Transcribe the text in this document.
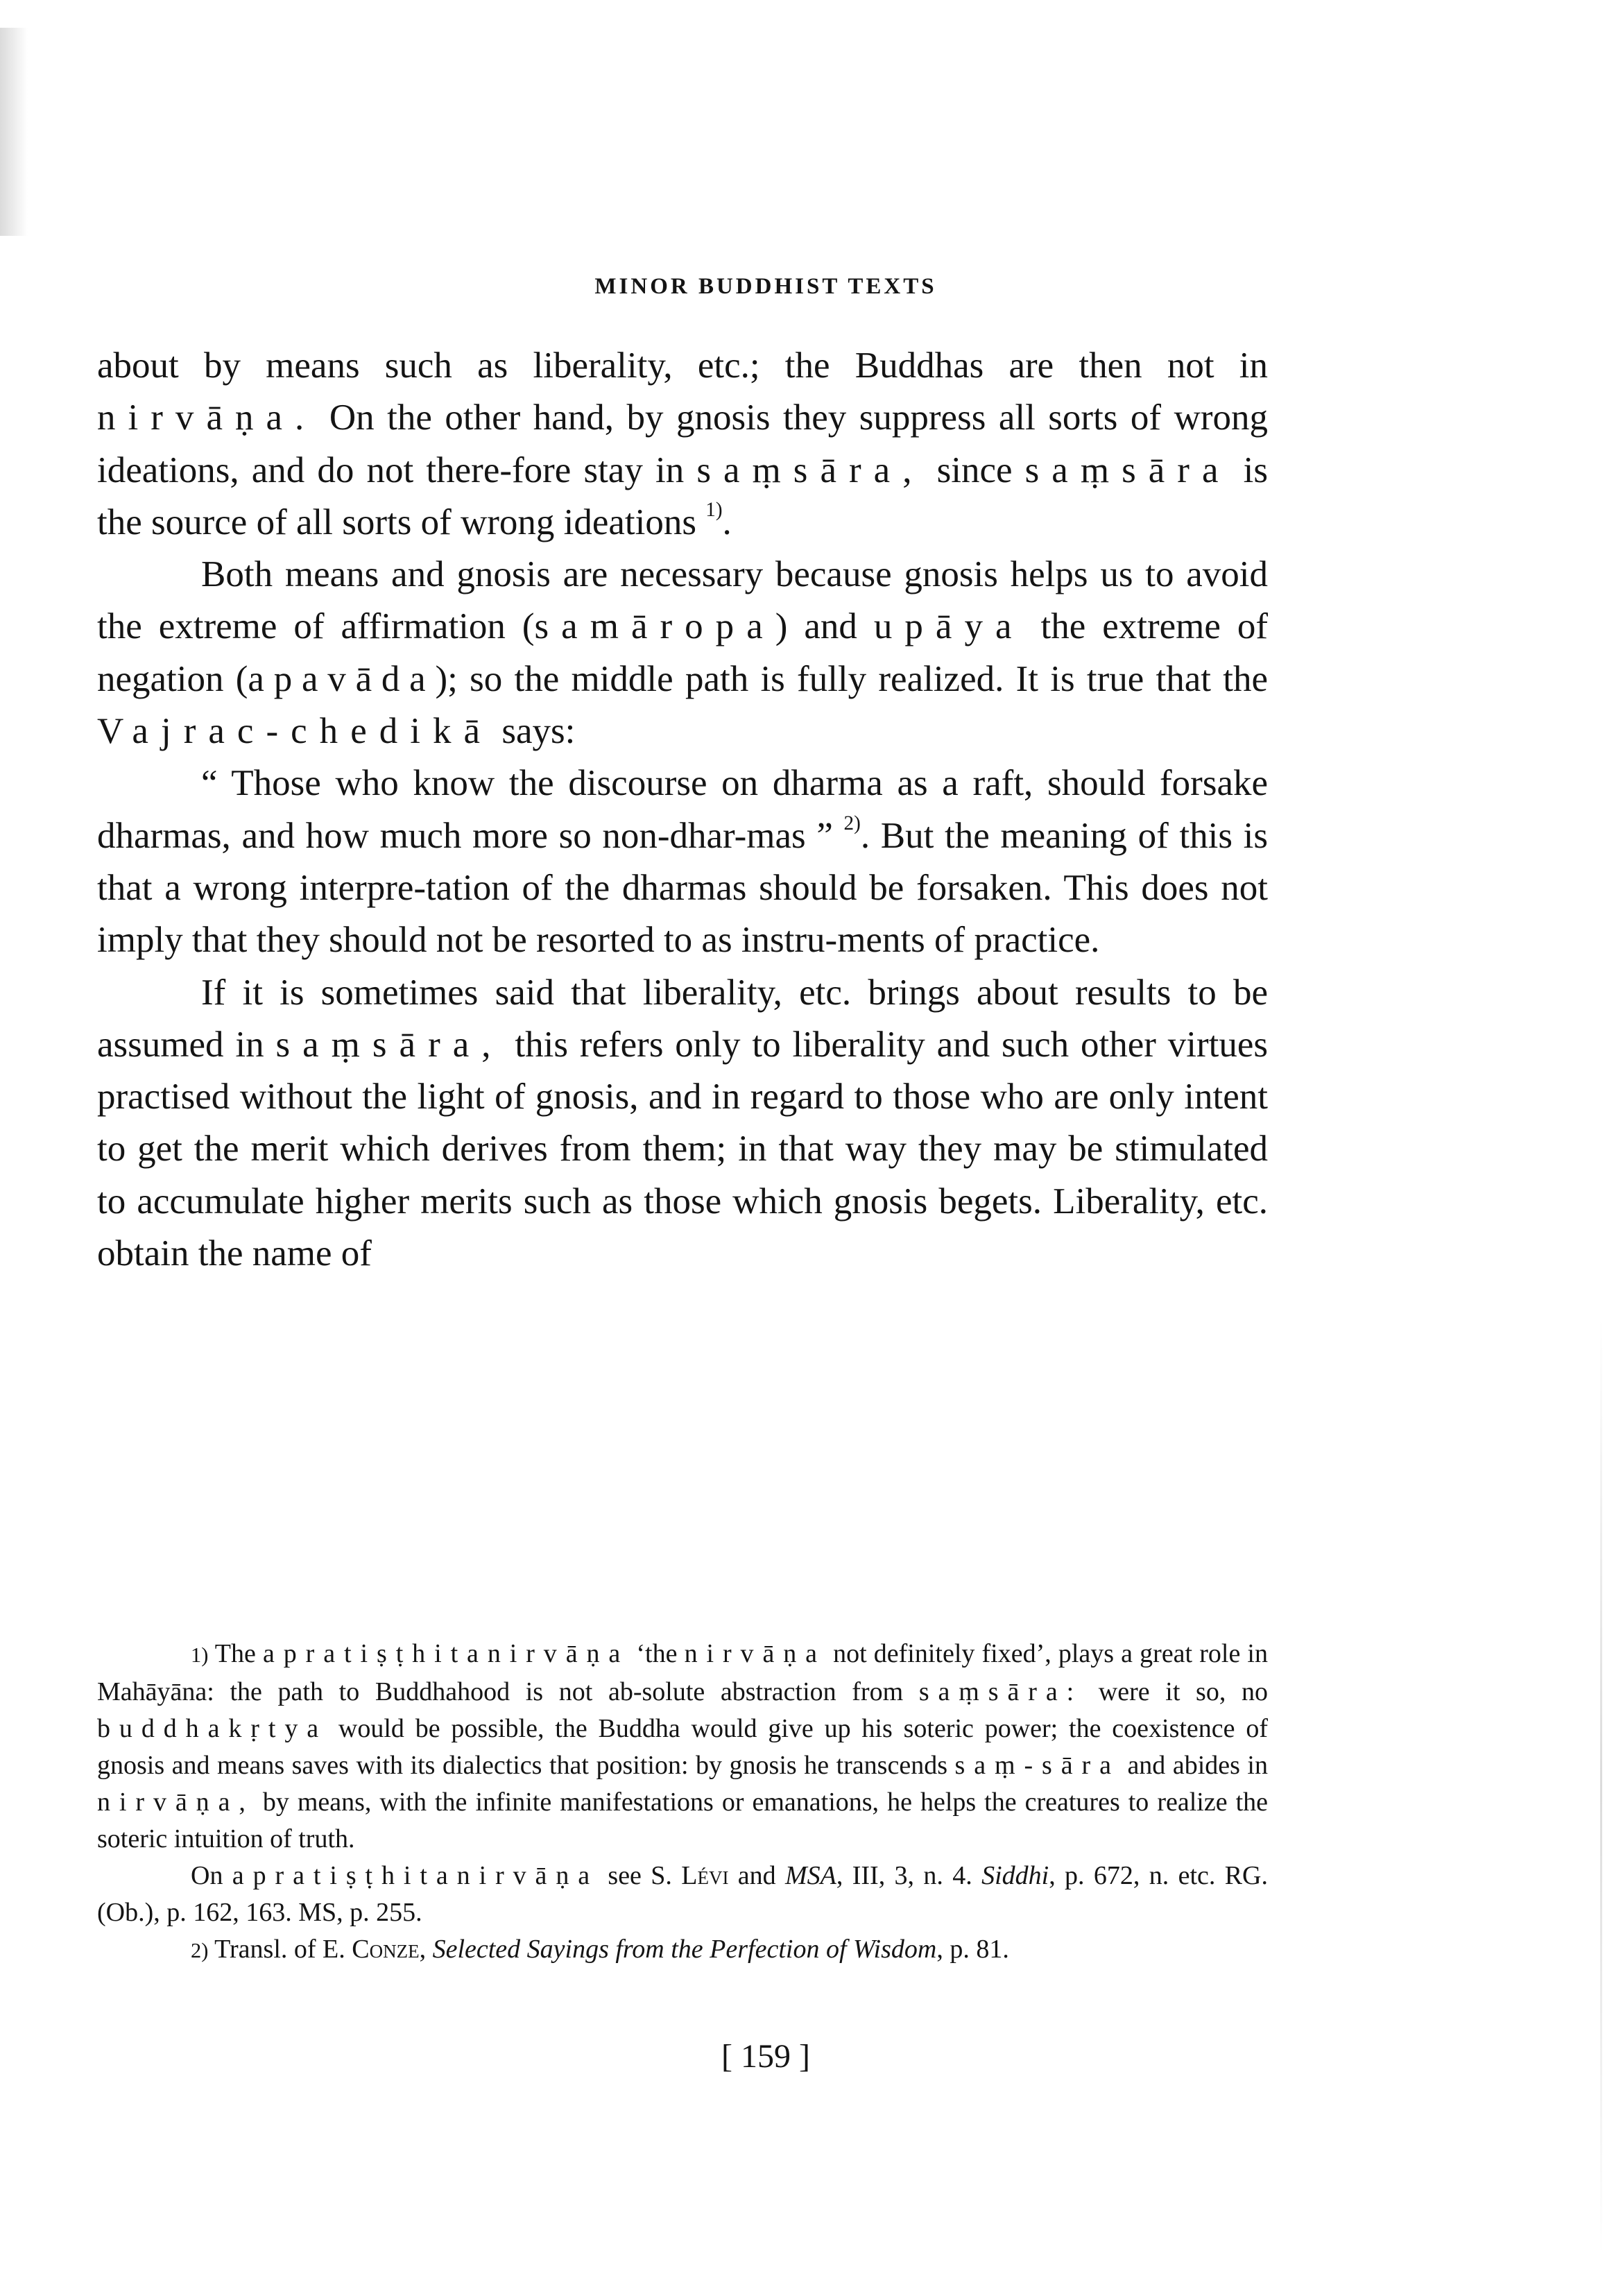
MINOR BUDDHIST TEXTS

about by means such as liberality, etc.; the Buddhas are then not in nirvāṇa. On the other hand, by gnosis they suppress all sorts of wrong ideations, and do not there-fore stay in saṃsāra, since saṃsāra is the source of all sorts of wrong ideations $^{1)}$.

Both means and gnosis are necessary because gnosis helps us to avoid the extreme of affirmation (samāropa) and upāya the extreme of negation (apavāda); so the middle path is fully realized. It is true that the Vajrac-chedikā says:

“ Those who know the discourse on dharma as a raft, should forsake dharmas, and how much more so non-dhar-mas ” $^{2)}$. But the meaning of this is that a wrong interpre-tation of the dharmas should be forsaken. This does not imply that they should not be resorted to as instru-ments of practice.

If it is sometimes said that liberality, etc. brings about results to be assumed in saṃsāra, this refers only to liberality and such other virtues practised without the light of gnosis, and in regard to those who are only intent to get the merit which derives from them; in that way they may be stimulated to accumulate higher merits such as those which gnosis begets. Liberality, etc. obtain the name of

1) The apratiṣṭhitanirvāṇa ‘the nirvāṇa not definitely fixed’, plays a great role in Mahāyāna: the path to Buddhahood is not ab-solute abstraction from saṃsāra: were it so, no buddhakṛtya would be possible, the Buddha would give up his soteric power; the coexistence of gnosis and means saves with its dialectics that position: by gnosis he transcends saṃ-sāra and abides in nirvāṇa, by means, with the infinite manifestations or emanations, he helps the creatures to realize the soteric intuition of truth.

On apratiṣṭhitanirvāṇa see S. Lévi and MSA, III, 3, n. 4. Siddhi, p. 672, n. etc. RG. (Ob.), p. 162, 163. MS, p. 255.

2) Transl. of E. Conze, Selected Sayings from the Perfection of Wisdom, p. 81.

[ 159 ]
